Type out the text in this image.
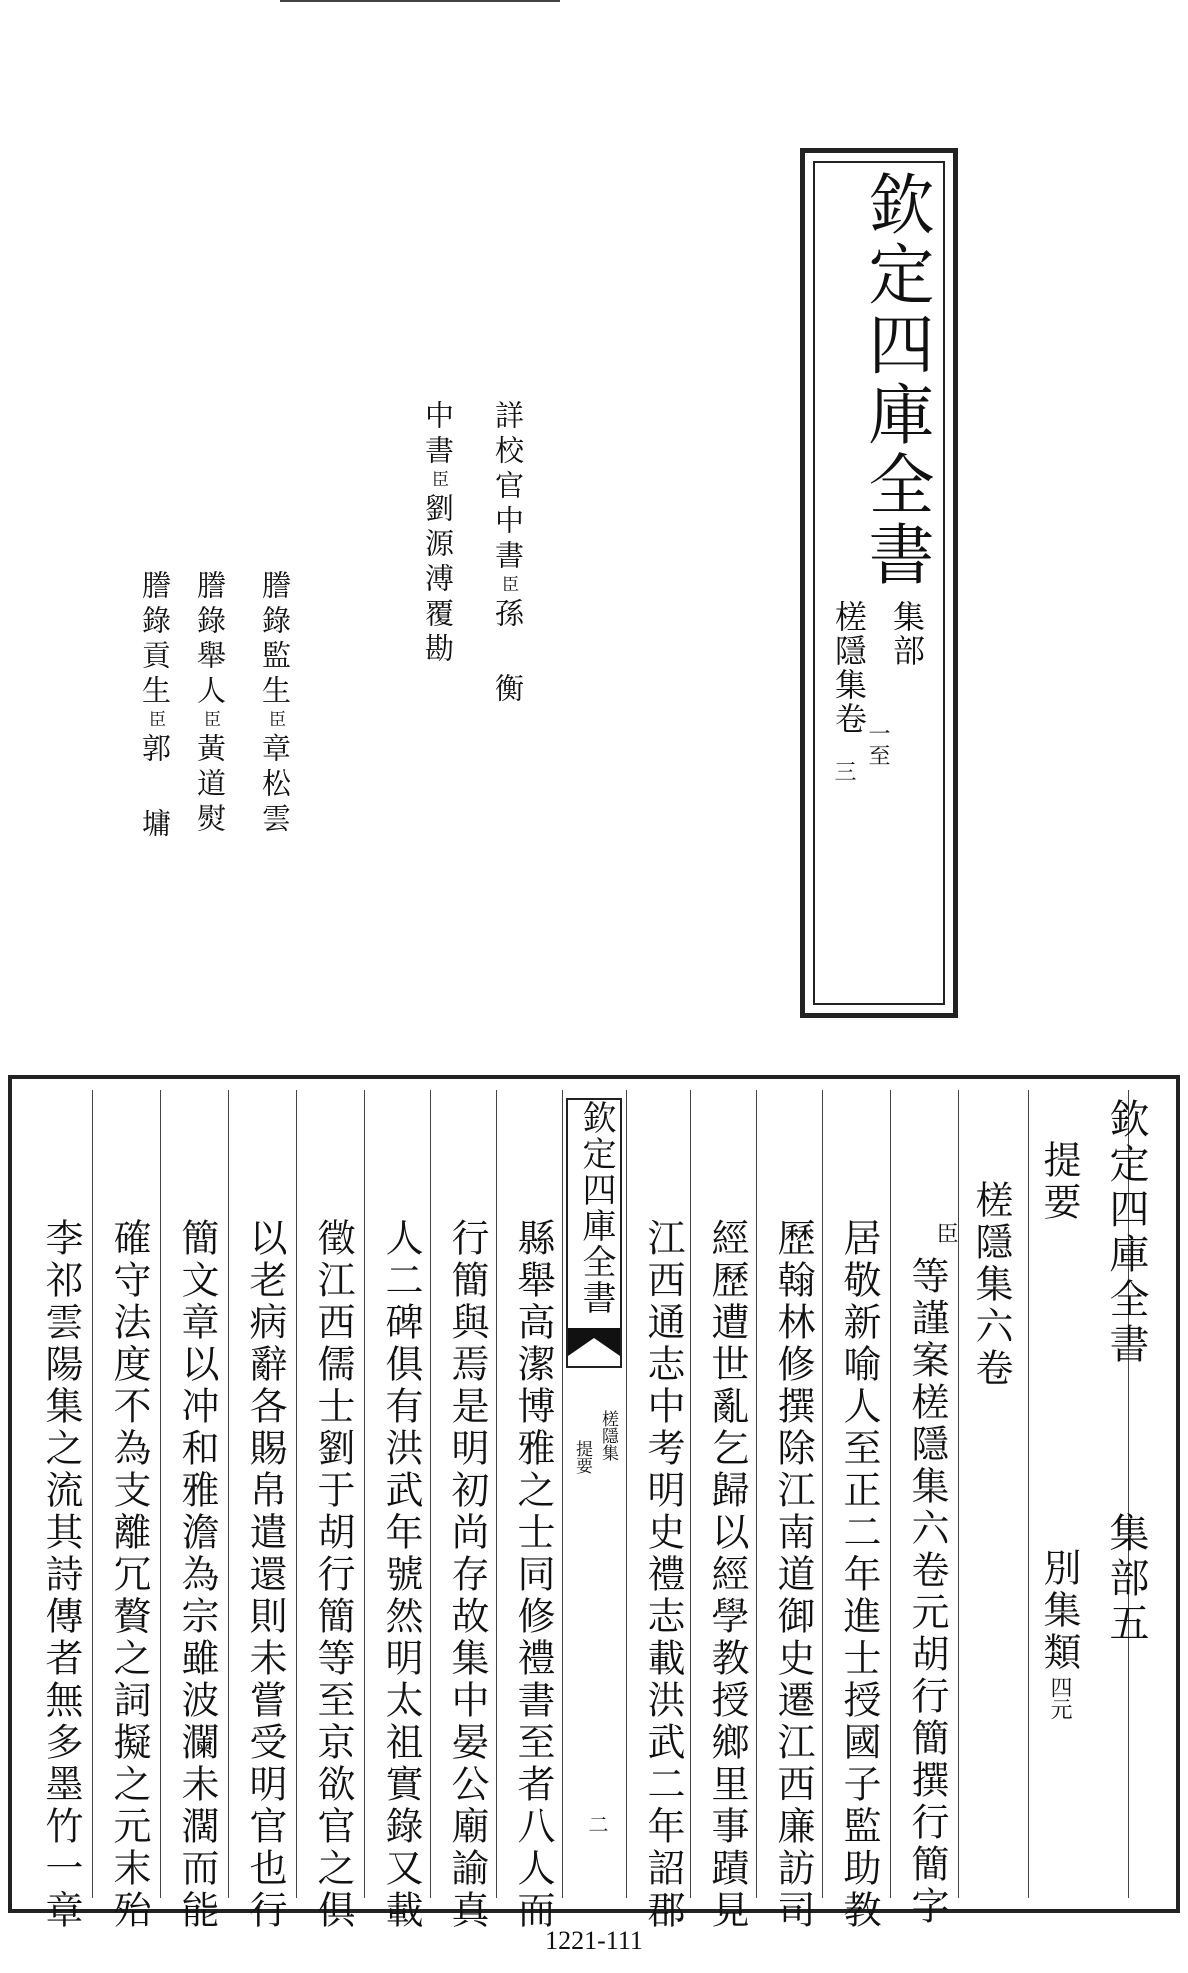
欽定四庫全書
集部
槎隱集卷
一至
三
詳校官中書臣孫 衡
中書臣劉源溥覆勘
謄錄監生臣章松雲
謄錄舉人臣黃道熨
謄錄貢生臣郭 墉
欽定四庫全書
集部五
提要
別集類
四元
槎隱集六卷
臣
等謹案槎隱集六卷元胡行簡撰行簡字
居敬新喻人至正二年進士授國子監助教
歷翰林修撰除江南道御史遷江西廉訪司
經歷遭世亂乞歸以經學教授鄉里事蹟見
江西通志中考明史禮志載洪武二年詔郡
欽定四庫全書
槎隱集
提要
二
縣舉高潔博雅之士同修禮書至者八人而
行簡與焉是明初尚存故集中晏公廟諭真
人二碑俱有洪武年號然明太祖實錄又載
徵江西儒士劉于胡行簡等至京欲官之俱
以老病辭各賜帛遣還則未嘗受明官也行
簡文章以冲和雅澹為宗雖波瀾未濶而能
確守法度不為支離冗贅之詞擬之元末殆
李祁雲陽集之流其詩傳者無多墨竹一章
1221-111
